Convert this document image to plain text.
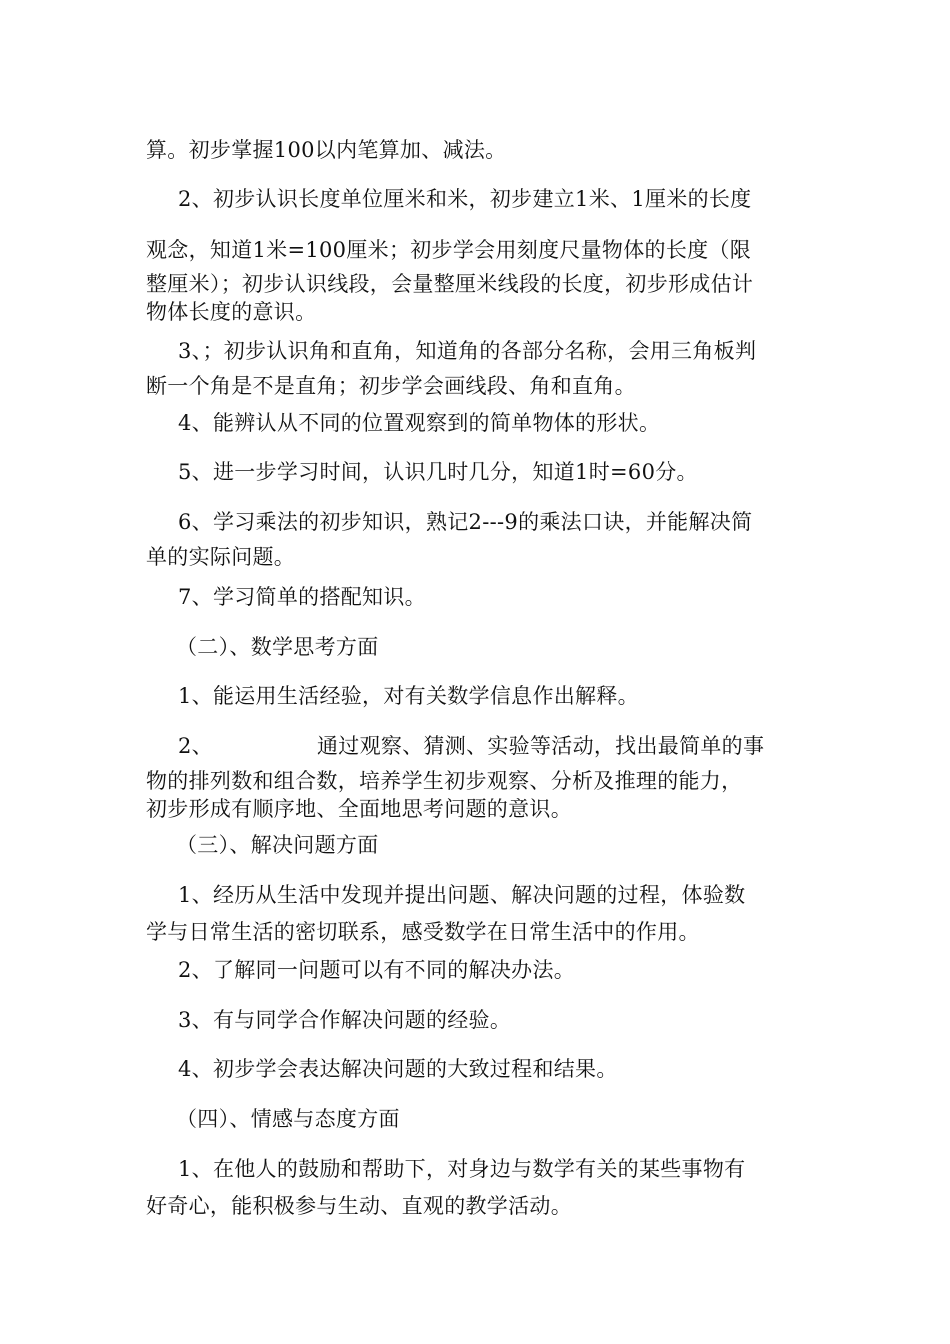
算。初步掌握100以内笔算加、减法。
2、初步认识长度单位厘米和米，初步建立1米、1厘米的长度
观念，知道1米=100厘米；初步学会用刻度尺量物体的长度（限
整厘米）；初步认识线段，会量整厘米线段的长度，初步形成估计
物体长度的意识。
3、；初步认识角和直角，知道角的各部分名称，会用三角板判
断一个角是不是直角；初步学会画线段、角和直角。
4、能辨认从不同的位置观察到的简单物体的形状。
5、进一步学习时间，认识几时几分，知道1时=60分。
6、学习乘法的初步知识，熟记2---9的乘法口诀，并能解决简
单的实际问题。
7、学习简单的搭配知识。
（二）、数学思考方面
1、能运用生活经验，对有关数学信息作出解释。
2、	通过观察、猜测、实验等活动，找出最简单的事
物的排列数和组合数，培养学生初步观察、分析及推理的能力，
初步形成有顺序地、全面地思考问题的意识。
（三）、解决问题方面
1、经历从生活中发现并提出问题、解决问题的过程，体验数
学与日常生活的密切联系，感受数学在日常生活中的作用。
2、了解同一问题可以有不同的解决办法。
3、有与同学合作解决问题的经验。
4、初步学会表达解决问题的大致过程和结果。
（四）、情感与态度方面
1、在他人的鼓励和帮助下，对身边与数学有关的某些事物有
好奇心，能积极参与生动、直观的教学活动。
